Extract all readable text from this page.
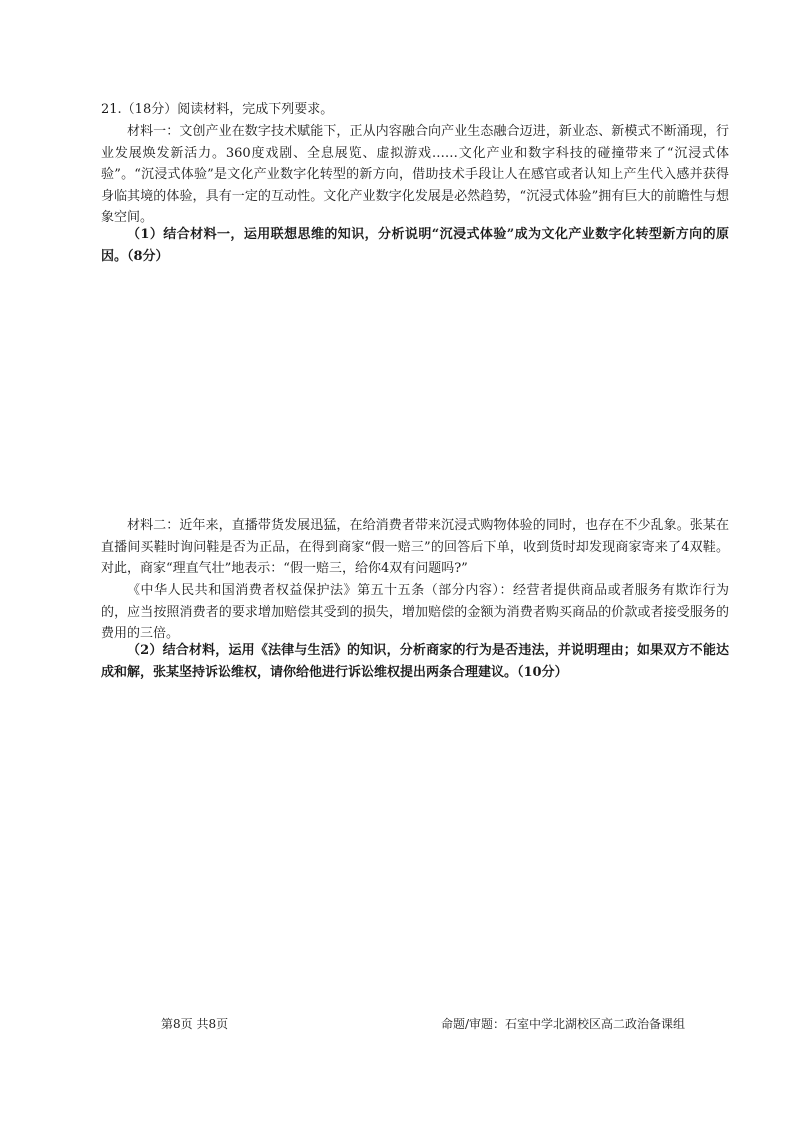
21.（18分）阅读材料，完成下列要求。
材料一：文创产业在数字技术赋能下，正从内容融合向产业生态融合迈进，新业态、新模式不断涌现，行业发展焕发新活力。360度戏剧、全息展览、虚拟游戏……文化产业和数字科技的碰撞带来了“沉浸式体验”。“沉浸式体验”是文化产业数字化转型的新方向，借助技术手段让人在感官或者认知上产生代入感并获得身临其境的体验，具有一定的互动性。文化产业数字化发展是必然趋势，“沉浸式体验”拥有巨大的前瞻性与想象空间。
（1）结合材料一，运用联想思维的知识，分析说明“沉浸式体验”成为文化产业数字化转型新方向的原因。（8分）
材料二：近年来，直播带货发展迅猛，在给消费者带来沉浸式购物体验的同时，也存在不少乱象。张某在直播间买鞋时询问鞋是否为正品，在得到商家“假一赔三”的回答后下单，收到货时却发现商家寄来了4双鞋。对此，商家“理直气壮”地表示：“假一赔三，给你4双有问题吗?”
《中华人民共和国消费者权益保护法》第五十五条（部分内容）：经营者提供商品或者服务有欺诈行为的，应当按照消费者的要求增加赔偿其受到的损失，增加赔偿的金额为消费者购买商品的价款或者接受服务的费用的三倍。
（2）结合材料，运用《法律与生活》的知识，分析商家的行为是否违法，并说明理由；如果双方不能达成和解，张某坚持诉讼维权，请你给他进行诉讼维权提出两条合理建议。（10分）
第8页 共8页	命题/审题：石室中学北湖校区高二政治备课组
